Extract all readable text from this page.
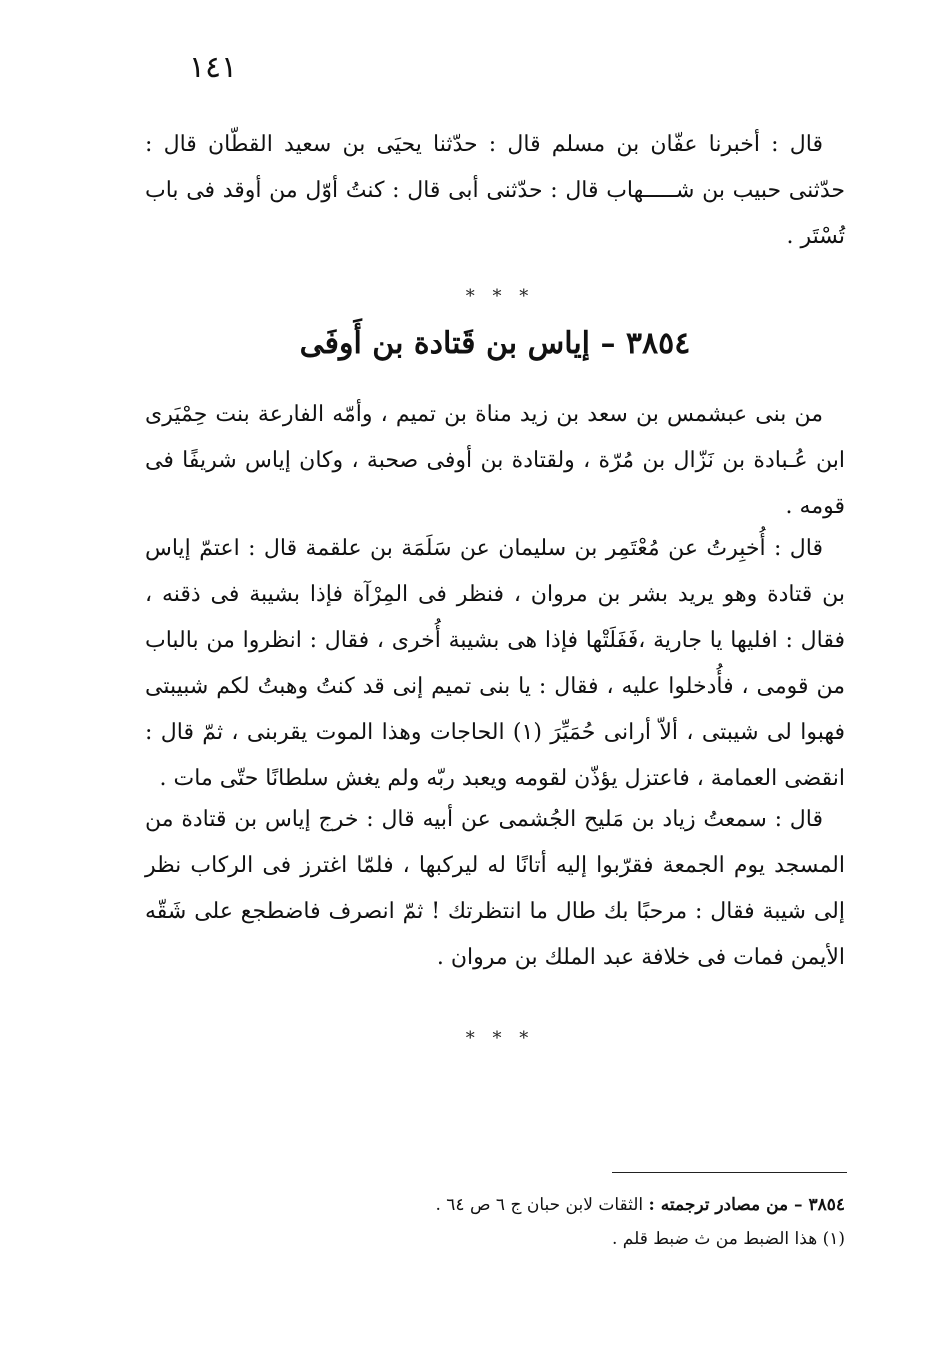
١٤١

قال : أخبرنا عفّان بن مسلم قال : حدّثنا يحيَى بن سعيد القطّان قال : حدّثنى حبيب بن شـــــهاب قال : حدّثنى أبى قال : كنتُ أوّل من أوقد فى باب تُسْتَر .

* * *
٣٨٥٤ – إياس بن قَتادة بن أَوفَى

من بنى عبشمس بن سعد بن زيد مناة بن تميم ، وأمّه الفارعة بنت حِمْيَرى ابن عُـبادة بن نَزّال بن مُرّة ، ولقتادة بن أوفى صحبة ، وكان إياس شريفًا فى قومه .

قال : أُخبِرتُ عن مُعْتَمِر بن سليمان عن سَلَمَة بن علقمة قال : اعتمّ إياس بن قتادة وهو يريد بشر بن مروان ، فنظر فى المِرْآة فإذا بشيبة فى ذقنه ، فقال : افليها يا جارية ،فَفَلَتْها فإذا هى بشيبة أُخرى ، فقال : انظروا من بالباب من قومى ، فأُدخلوا عليه ، فقال : يا بنى تميم إنى قد كنتُ وهبتُ لكم شبيبتى فهبوا لى شيبتى ، ألاّ أرانى حُمَيِّرَ (١) الحاجات وهذا الموت يقربنى ، ثمّ قال : انقضى العمامة ، فاعتزل يؤذّن لقومه ويعبد ربّه ولم يغش سلطانًا حتّى مات .

قال : سمعتُ زياد بن مَليح الجُشمى عن أبيه قال : خرج إياس بن قتادة من المسجد يوم الجمعة فقرّبوا إليه أتانًا له ليركبها ، فلمّا اغترز فى الركاب نظر إلى شيبة فقال : مرحبًا بك طال ما انتظرتك ! ثمّ انصرف فاضطجع على شَقّه الأيمن فمات فى خلافة عبد الملك بن مروان .

* * *

٣٨٥٤ – من مصادر ترجمته : الثقات لابن حبان ج ٦ ص ٦٤ .

(١) هذا الضبط من ث ضبط قلم .
